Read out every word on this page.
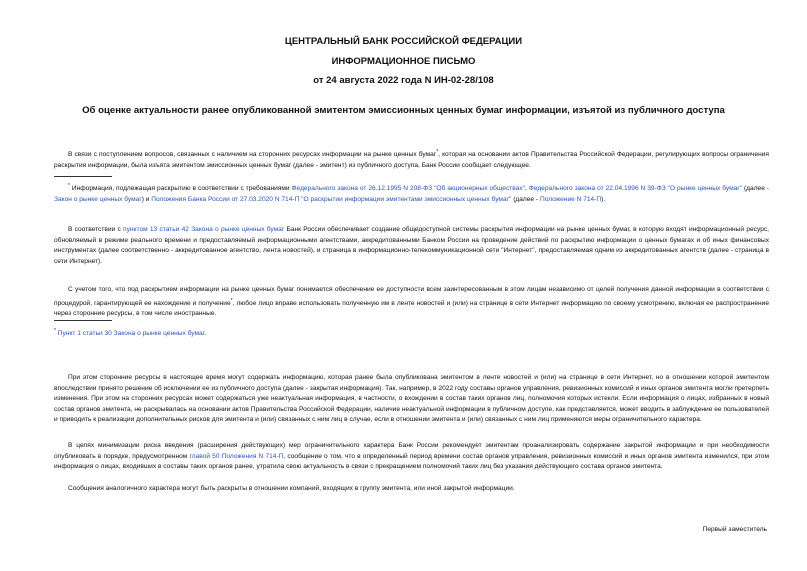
ЦЕНТРАЛЬНЫЙ БАНК РОССИЙСКОЙ ФЕДЕРАЦИИ
ИНФОРМАЦИОННОЕ ПИСЬМО
от 24 августа 2022 года N ИН-02-28/108
Об оценке актуальности ранее опубликованной эмитентом эмиссионных ценных бумаг информации, изъятой из публичного доступа

В связи с поступлением вопросов, связанных с наличием на сторонних ресурсах информации на рынке ценных бумаг*, которая на основании актов Правительства Российской Федерации, регулирующих вопросы ограничения раскрытия информации, была изъята эмитентом эмиссионных ценных бумаг (далее - эмитент) из публичного доступа, Банк России сообщает следующее.

* Информация, подлежащая раскрытию в соответствии с требованиями Федерального закона от 26.12.1995 N 208-ФЗ "Об акционерных обществах", Федерального закона от 22.04.1996 N 39-ФЗ "О рынке ценных бумаг" (далее - Закон о рынке ценных бумаг) и Положения Банка России от 27.03.2020 N 714-П "О раскрытии информации эмитентами эмиссионных ценных бумаг" (далее - Положение N 714-П).

В соответствии с пунктом 13 статьи 42 Закона о рынке ценных бумаг Банк России обеспечивает создание общедоступной системы раскрытия информации на рынке ценных бумаг, в которую входят информационный ресурс, обновляемый в режиме реального времени и предоставляемый информационными агентствами, аккредитованными Банком России на проведение действий по раскрытию информации о ценных бумагах и об иных финансовых инструментах (далее соответственно - аккредитованное агентство, лента новостей), и страница в информационно-телекоммуникационной сети "Интернет", предоставляемая одним из аккредитованных агентств (далее - страница в сети Интернет).

С учетом того, что под раскрытием информации на рынке ценных бумаг понимается обеспечение ее доступности всем заинтересованным в этом лицам независимо от целей получения данной информации в соответствии с процедурой, гарантирующей ее нахождение и получение*, любое лицо вправе использовать полученную им в ленте новостей и (или) на странице в сети Интернет информацию по своему усмотрению, включая ее распространение через сторонние ресурсы, в том числе иностранные.

* Пункт 1 статьи 30 Закона о рынке ценных бумаг.

При этом сторонние ресурсы в настоящее время могут содержать информацию, которая ранее была опубликована эмитентом в ленте новостей и (или) на странице в сети Интернет, но в отношении которой эмитентом впоследствии принято решение об исключении ее из публичного доступа (далее - закрытая информация). Так, например, в 2022 году составы органов управления, ревизионных комиссий и иных органов эмитента могли претерпеть изменения. При этом на сторонних ресурсах может содержаться уже неактуальная информация, в частности, о вхождении в состав таких органов лиц, полномочия которых истекли. Если информация о лицах, избранных в новый состав органов эмитента, не раскрывалась на основании актов Правительства Российской Федерации, наличие неактуальной информации в публичном доступе, как представляется, может вводить в заблуждение ее пользователей и приводить к реализации дополнительных рисков для эмитента и (или) связанных с ним лиц в случае, если в отношении эмитента и (или) связанных с ним лиц применяются меры ограничительного характера.

В целях минимизации риска введения (расширения действующих) мер ограничительного характера Банк России рекомендует эмитентам проанализировать содержание закрытой информации и при необходимости опубликовать в порядке, предусмотренном главой 50 Положения N 714-П, сообщение о том, что в определенный период времени состав органов управления, ревизионных комиссий и иных органов эмитента изменился, при этом информация о лицах, входивших в составы таких органов ранее, утратила свою актуальность в связи с прекращением полномочий таких лиц без указания действующего состава органов эмитента.

Сообщения аналогичного характера могут быть раскрыты в отношении компаний, входящих в группу эмитента, или иной закрытой информации.

Первый заместитель
